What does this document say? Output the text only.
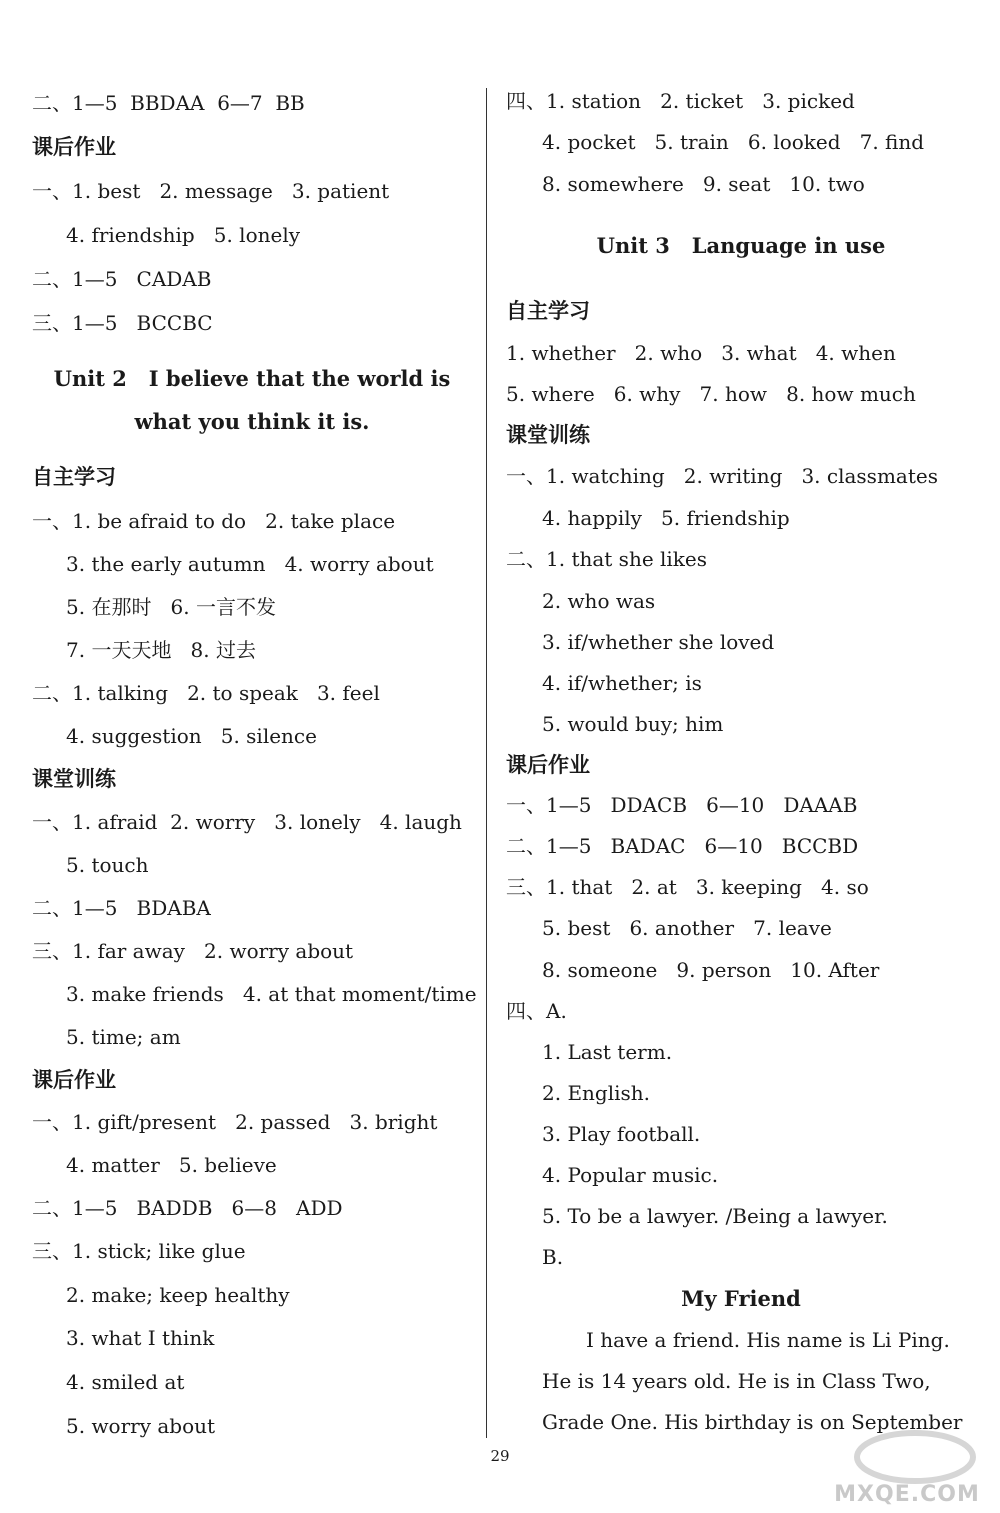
二、1—5  BBDAA  6—7  BB
课后作业
一、1. best   2. message   3. patient
4. friendship   5. lonely
二、1—5   CADAB
三、1—5   BCCBC
Unit 2   I believe that the world is
what you think it is.
自主学习
一、1. be afraid to do   2. take place
3. the early autumn   4. worry about
5. 在那时   6. 一言不发
7. 一天天地   8. 过去
二、1. talking   2. to speak   3. feel
4. suggestion   5. silence
课堂训练
一、1. afraid  2. worry   3. lonely   4. laugh
5. touch
二、1—5   BDABA
三、1. far away   2. worry about
3. make friends   4. at that moment/time
5. time; am
课后作业
一、1. gift/present   2. passed   3. bright
4. matter   5. believe
二、1—5   BADDB   6—8   ADD
三、1. stick; like glue
2. make; keep healthy
3. what I think
4. smiled at
5. worry about
四、1. station   2. ticket   3. picked
4. pocket   5. train   6. looked   7. find
8. somewhere   9. seat   10. two
Unit 3   Language in use
自主学习
1. whether   2. who   3. what   4. when
5. where   6. why   7. how   8. how much
课堂训练
一、1. watching   2. writing   3. classmates
4. happily   5. friendship
二、1. that she likes
2. who was
3. if/whether she loved
4. if/whether; is
5. would buy; him
课后作业
一、1—5   DDACB   6—10   DAAAB
二、1—5   BADAC   6—10   BCCBD
三、1. that   2. at   3. keeping   4. so
5. best   6. another   7. leave
8. someone   9. person   10. After
四、A.
1. Last term.
2. English.
3. Play football.
4. Popular music.
5. To be a lawyer. /Being a lawyer.
B.
My Friend
I have a friend. His name is Li Ping.
He is 14 years old. He is in Class Two,
Grade One. His birthday is on September
29
MXQE.COM
